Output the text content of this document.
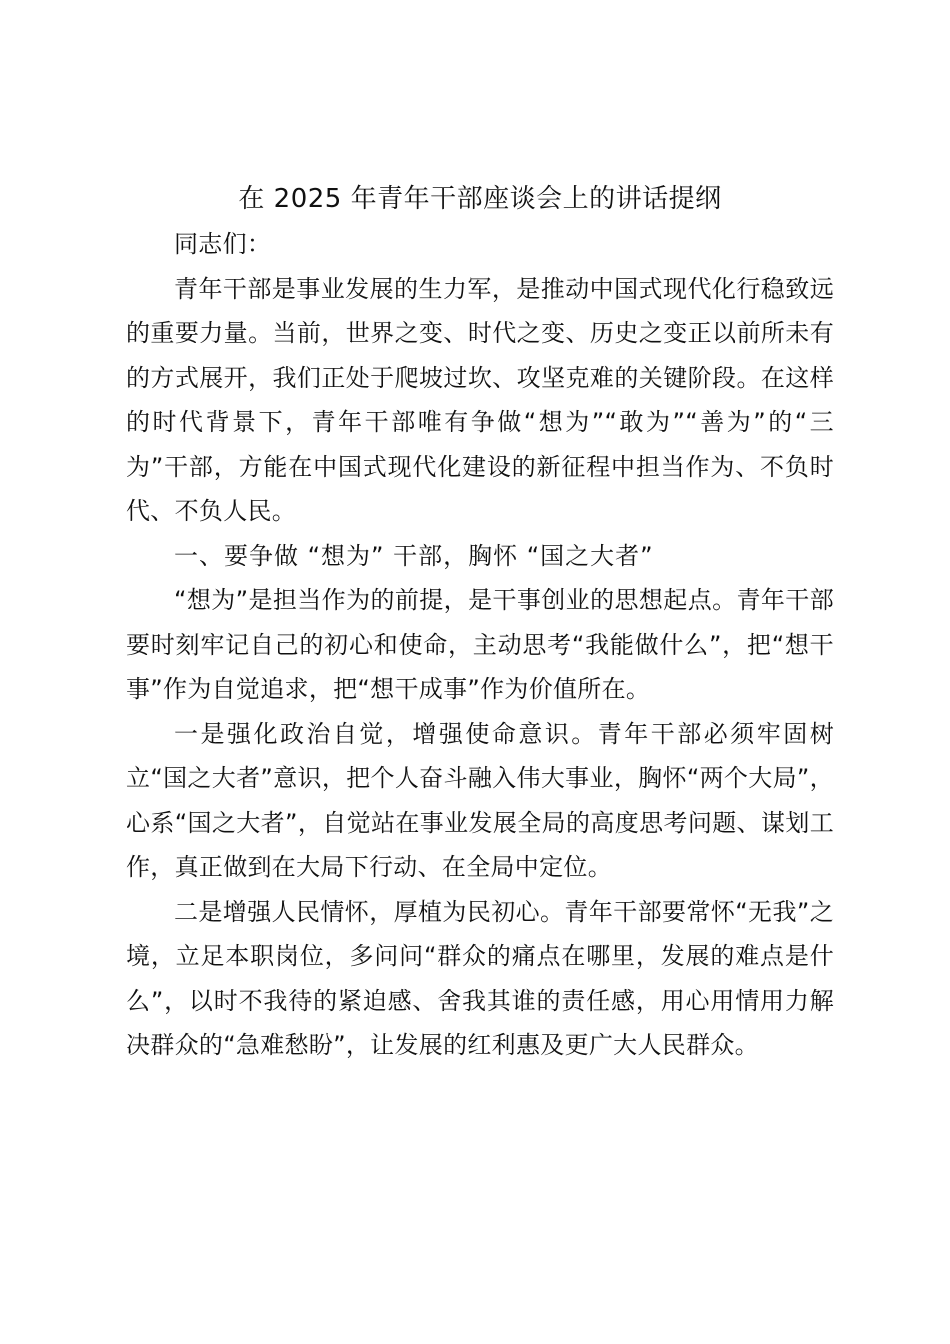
在 2025 年青年干部座谈会上的讲话提纲

同志们：

青年干部是事业发展的生力军，是推动中国式现代化行稳致远的重要力量。当前，世界之变、时代之变、历史之变正以前所未有的方式展开，我们正处于爬坡过坎、攻坚克难的关键阶段。在这样的时代背景下，青年干部唯有争做“想为”“敢为”“善为”的“三为”干部，方能在中国式现代化建设的新征程中担当作为、不负时代、不负人民。

一、要争做 “想为” 干部，胸怀 “国之大者”

“想为”是担当作为的前提，是干事创业的思想起点。青年干部要时刻牢记自己的初心和使命，主动思考“我能做什么”，把“想干事”作为自觉追求，把“想干成事”作为价值所在。

一是强化政治自觉，增强使命意识。青年干部必须牢固树立“国之大者”意识，把个人奋斗融入伟大事业，胸怀“两个大局”，心系“国之大者”，自觉站在事业发展全局的高度思考问题、谋划工作，真正做到在大局下行动、在全局中定位。

二是增强人民情怀，厚植为民初心。青年干部要常怀“无我”之境，立足本职岗位，多问问“群众的痛点在哪里，发展的难点是什么”，以时不我待的紧迫感、舍我其谁的责任感，用心用情用力解决群众的“急难愁盼”，让发展的红利惠及更广大人民群众。
